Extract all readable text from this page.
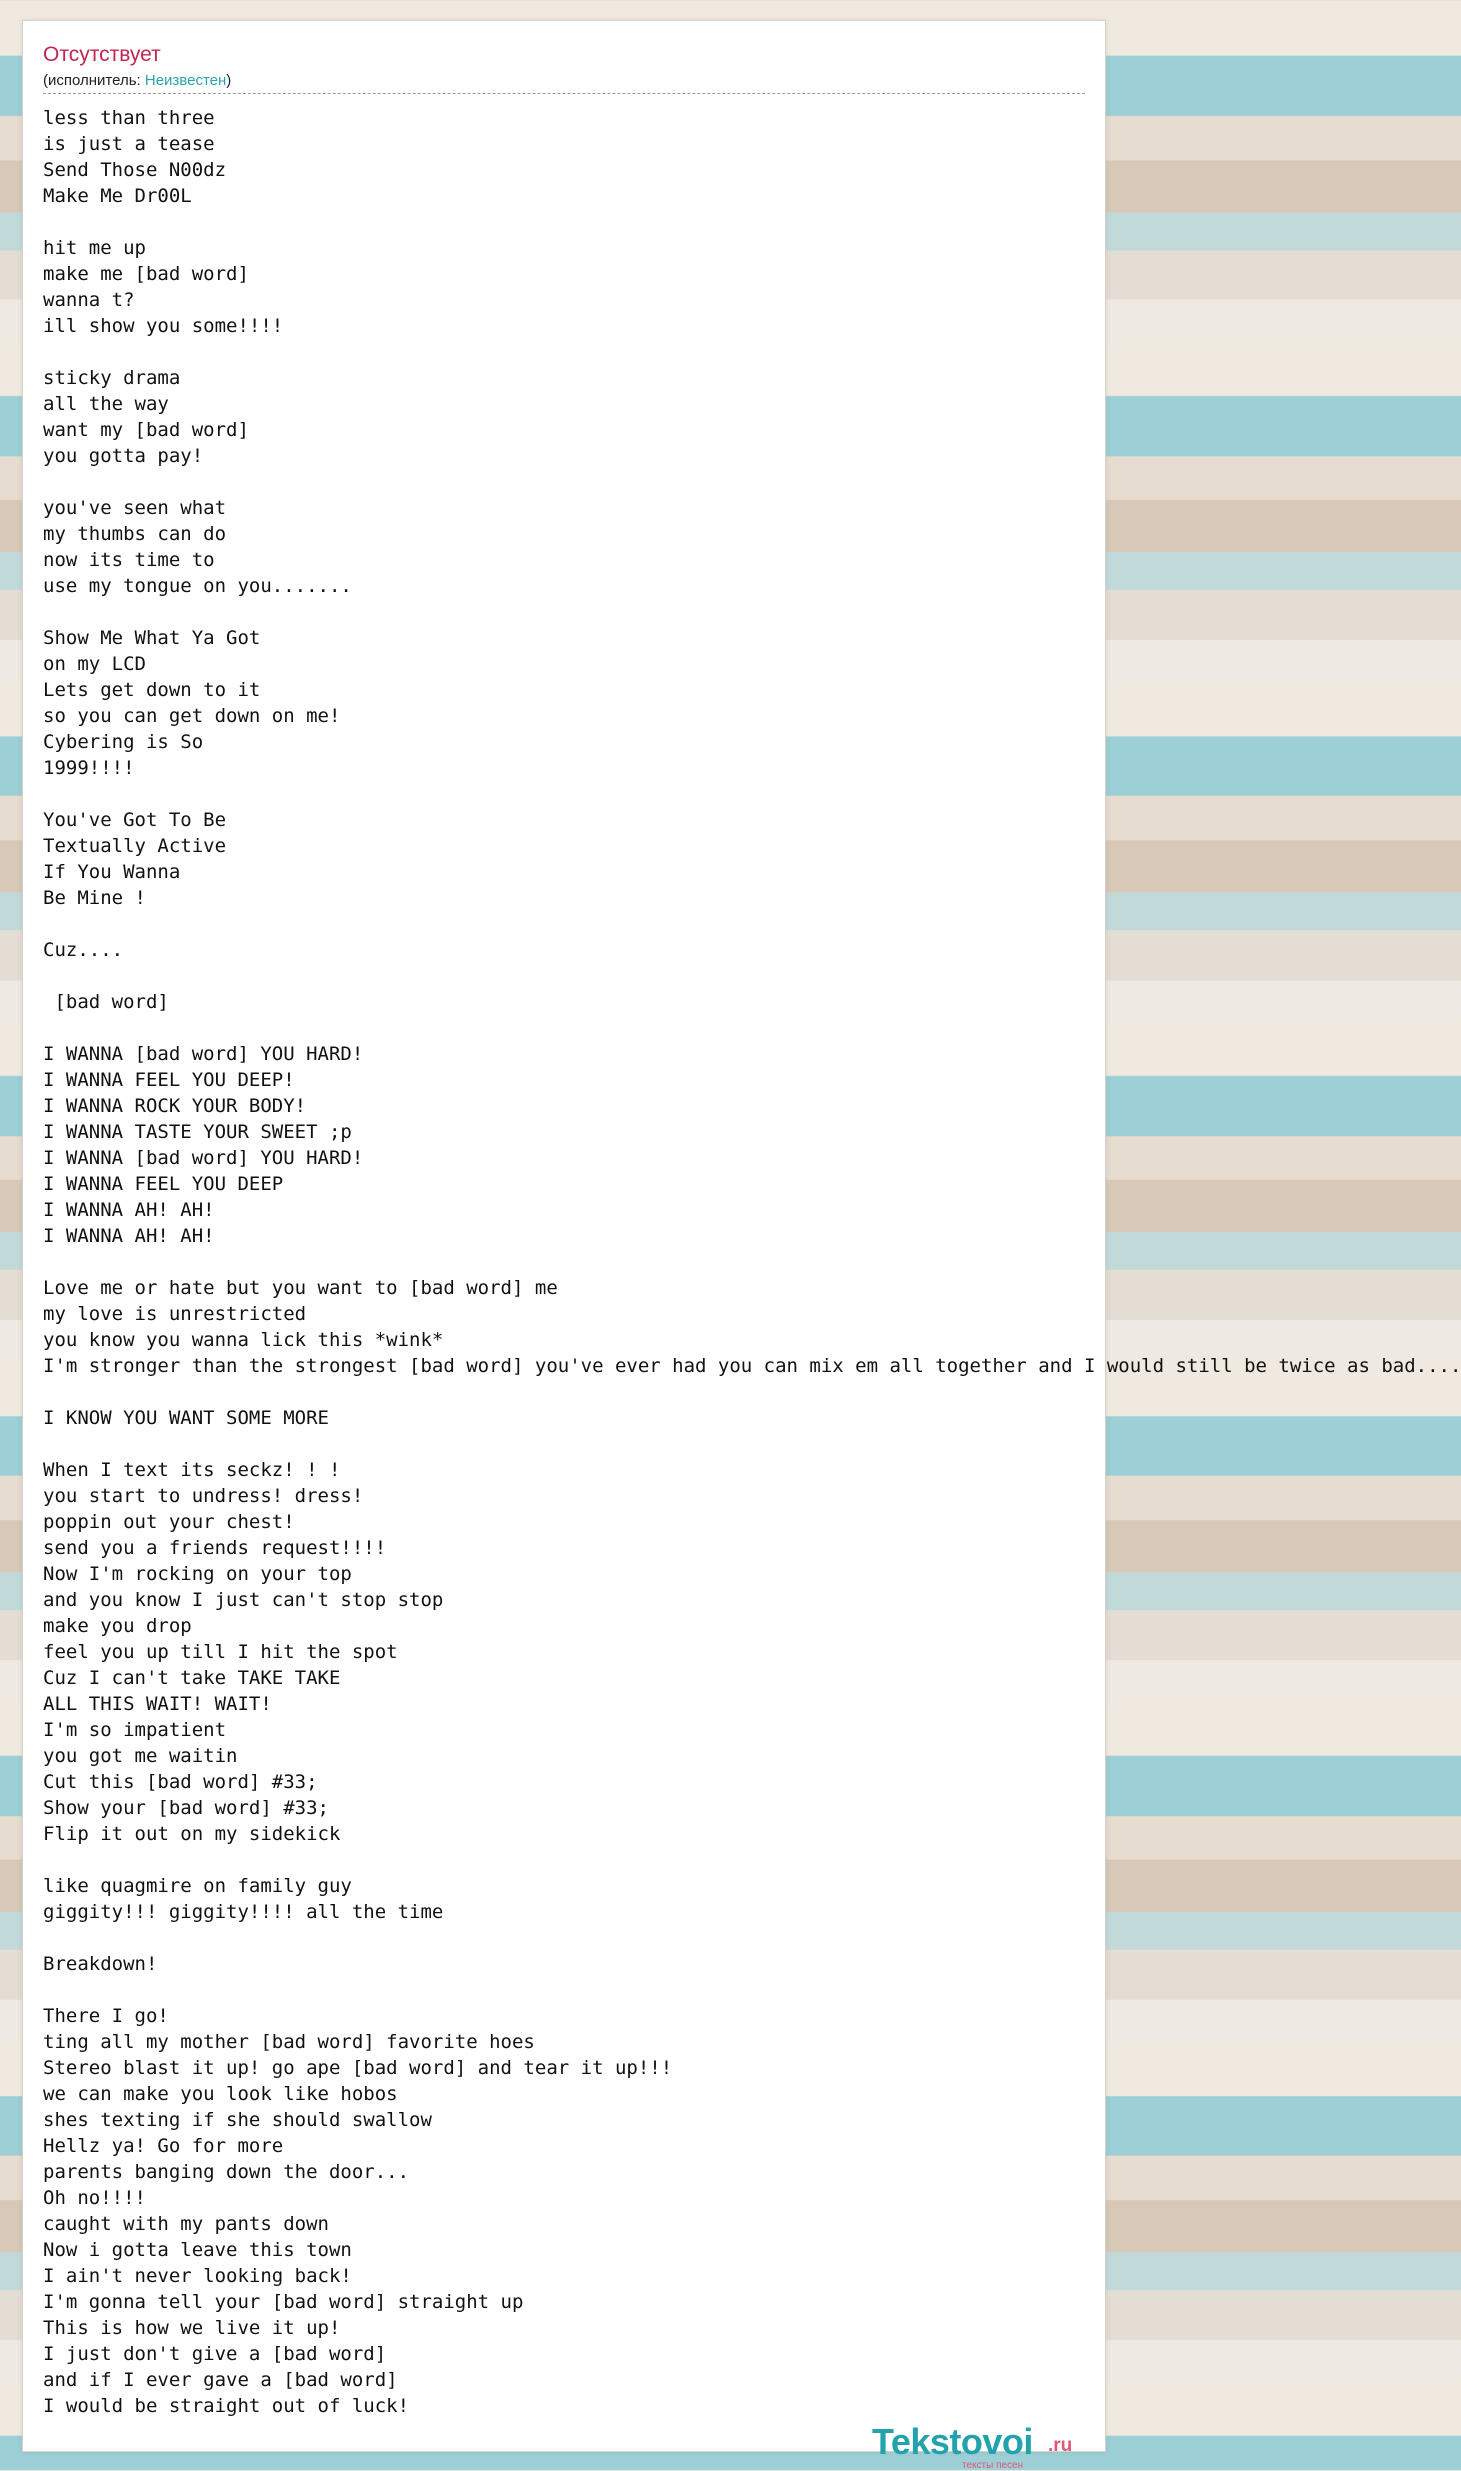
Отсутствует
(исполнитель: Неизвестен)
less than three
is just a tease
Send Those N00dz
Make Me Dr00L

hit me up
make me [bad word]
wanna t?
ill show you some!!!!

sticky drama
all the way
want my [bad word]
you gotta pay!

you've seen what
my thumbs can do
now its time to
use my tongue on you.......

Show Me What Ya Got
on my LCD
Lets get down to it
so you can get down on me!
Cybering is So
1999!!!!

You've Got To Be
Textually Active
If You Wanna
Be Mine !

Cuz....

[bad word]

I WANNA [bad word] YOU HARD!
I WANNA FEEL YOU DEEP!
I WANNA ROCK YOUR BODY!
I WANNA TASTE YOUR SWEET ;p
I WANNA [bad word] YOU HARD!
I WANNA FEEL YOU DEEP
I WANNA AH! AH!
I WANNA AH! AH!

Love me or hate but you want to [bad word] me
my love is unrestricted
you know you wanna lick this *wink*
I'm stronger than the strongest [bad word] you've ever had you can mix em all together and I would still be twice as bad....

I KNOW YOU WANT SOME MORE

When I text its seckz! ! !
you start to undress! dress!
poppin out your chest!
send you a friends request!!!!
Now I'm rocking on your top
and you know I just can't stop stop
make you drop
feel you up till I hit the spot
Cuz I can't take TAKE TAKE
ALL THIS WAIT! WAIT!
I'm so impatient
you got me waitin
Cut this [bad word] #33;
Show your [bad word] #33;
Flip it out on my sidekick

like quagmire on family guy
giggity!!! giggity!!!! all the time

Breakdown!

There I go!
ting all my mother [bad word] favorite hoes
Stereo blast it up! go ape [bad word] and tear it up!!!
we can make you look like hobos
shes texting if she should swallow
Hellz ya! Go for more
parents banging down the door...
Oh no!!!!
caught with my pants down
Now i gotta leave this town
I ain't never looking back!
I'm gonna tell your [bad word] straight up
This is how we live it up!
I just don't give a [bad word]
and if I ever gave a [bad word]
I would be straight out of luck!
Tekstovoi .ru
тексты песен
